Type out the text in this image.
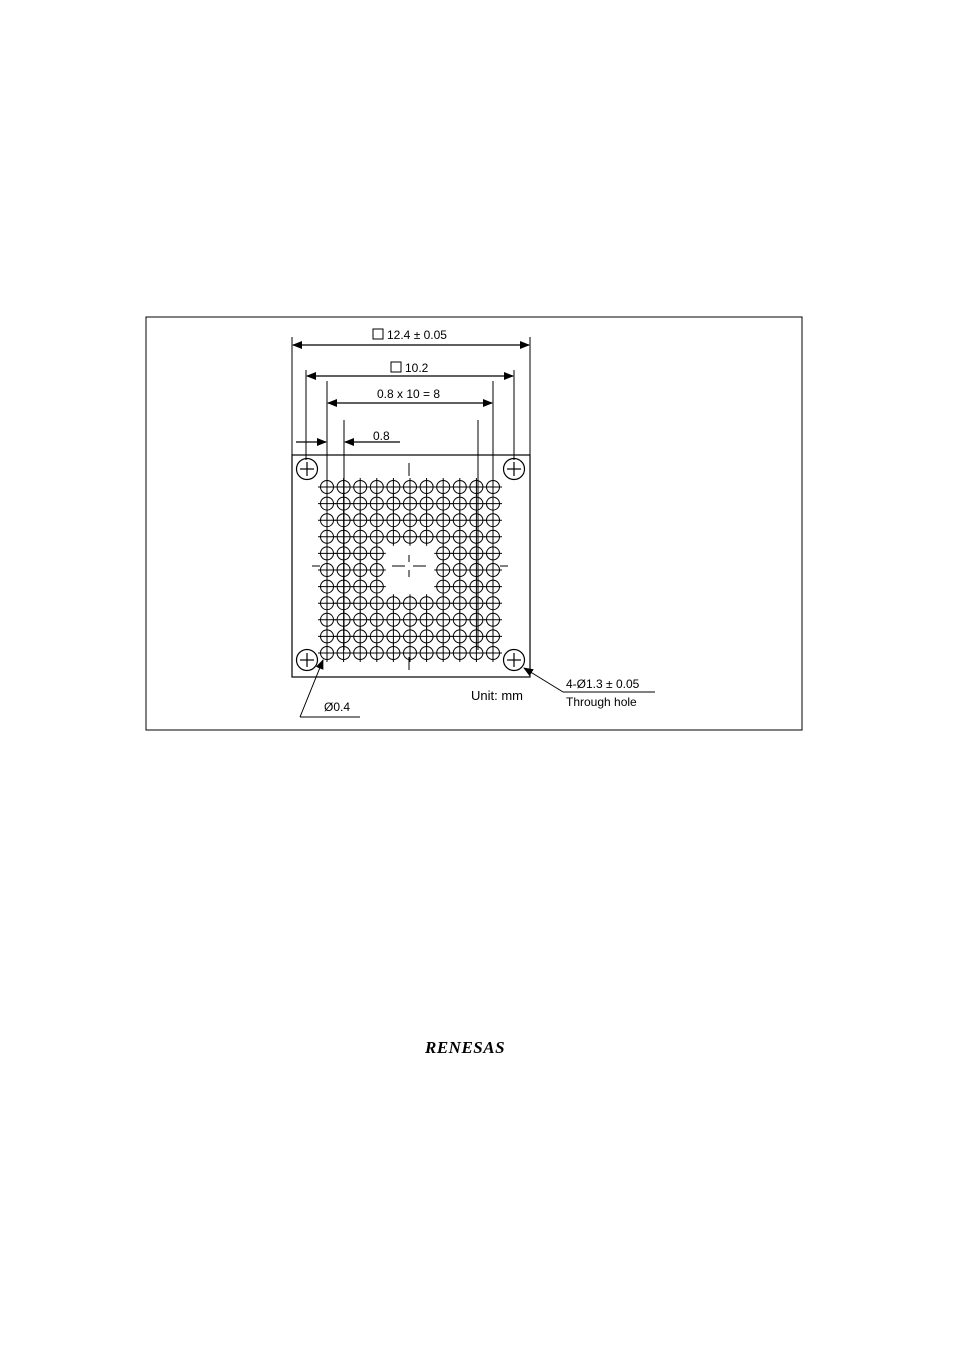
12.4 ± 0.05
10.2
0.8 x 10 = 8
0.8
Ø0.4
4-Ø1.3 ± 0.05
Through hole
Unit: mm
RENESAS
